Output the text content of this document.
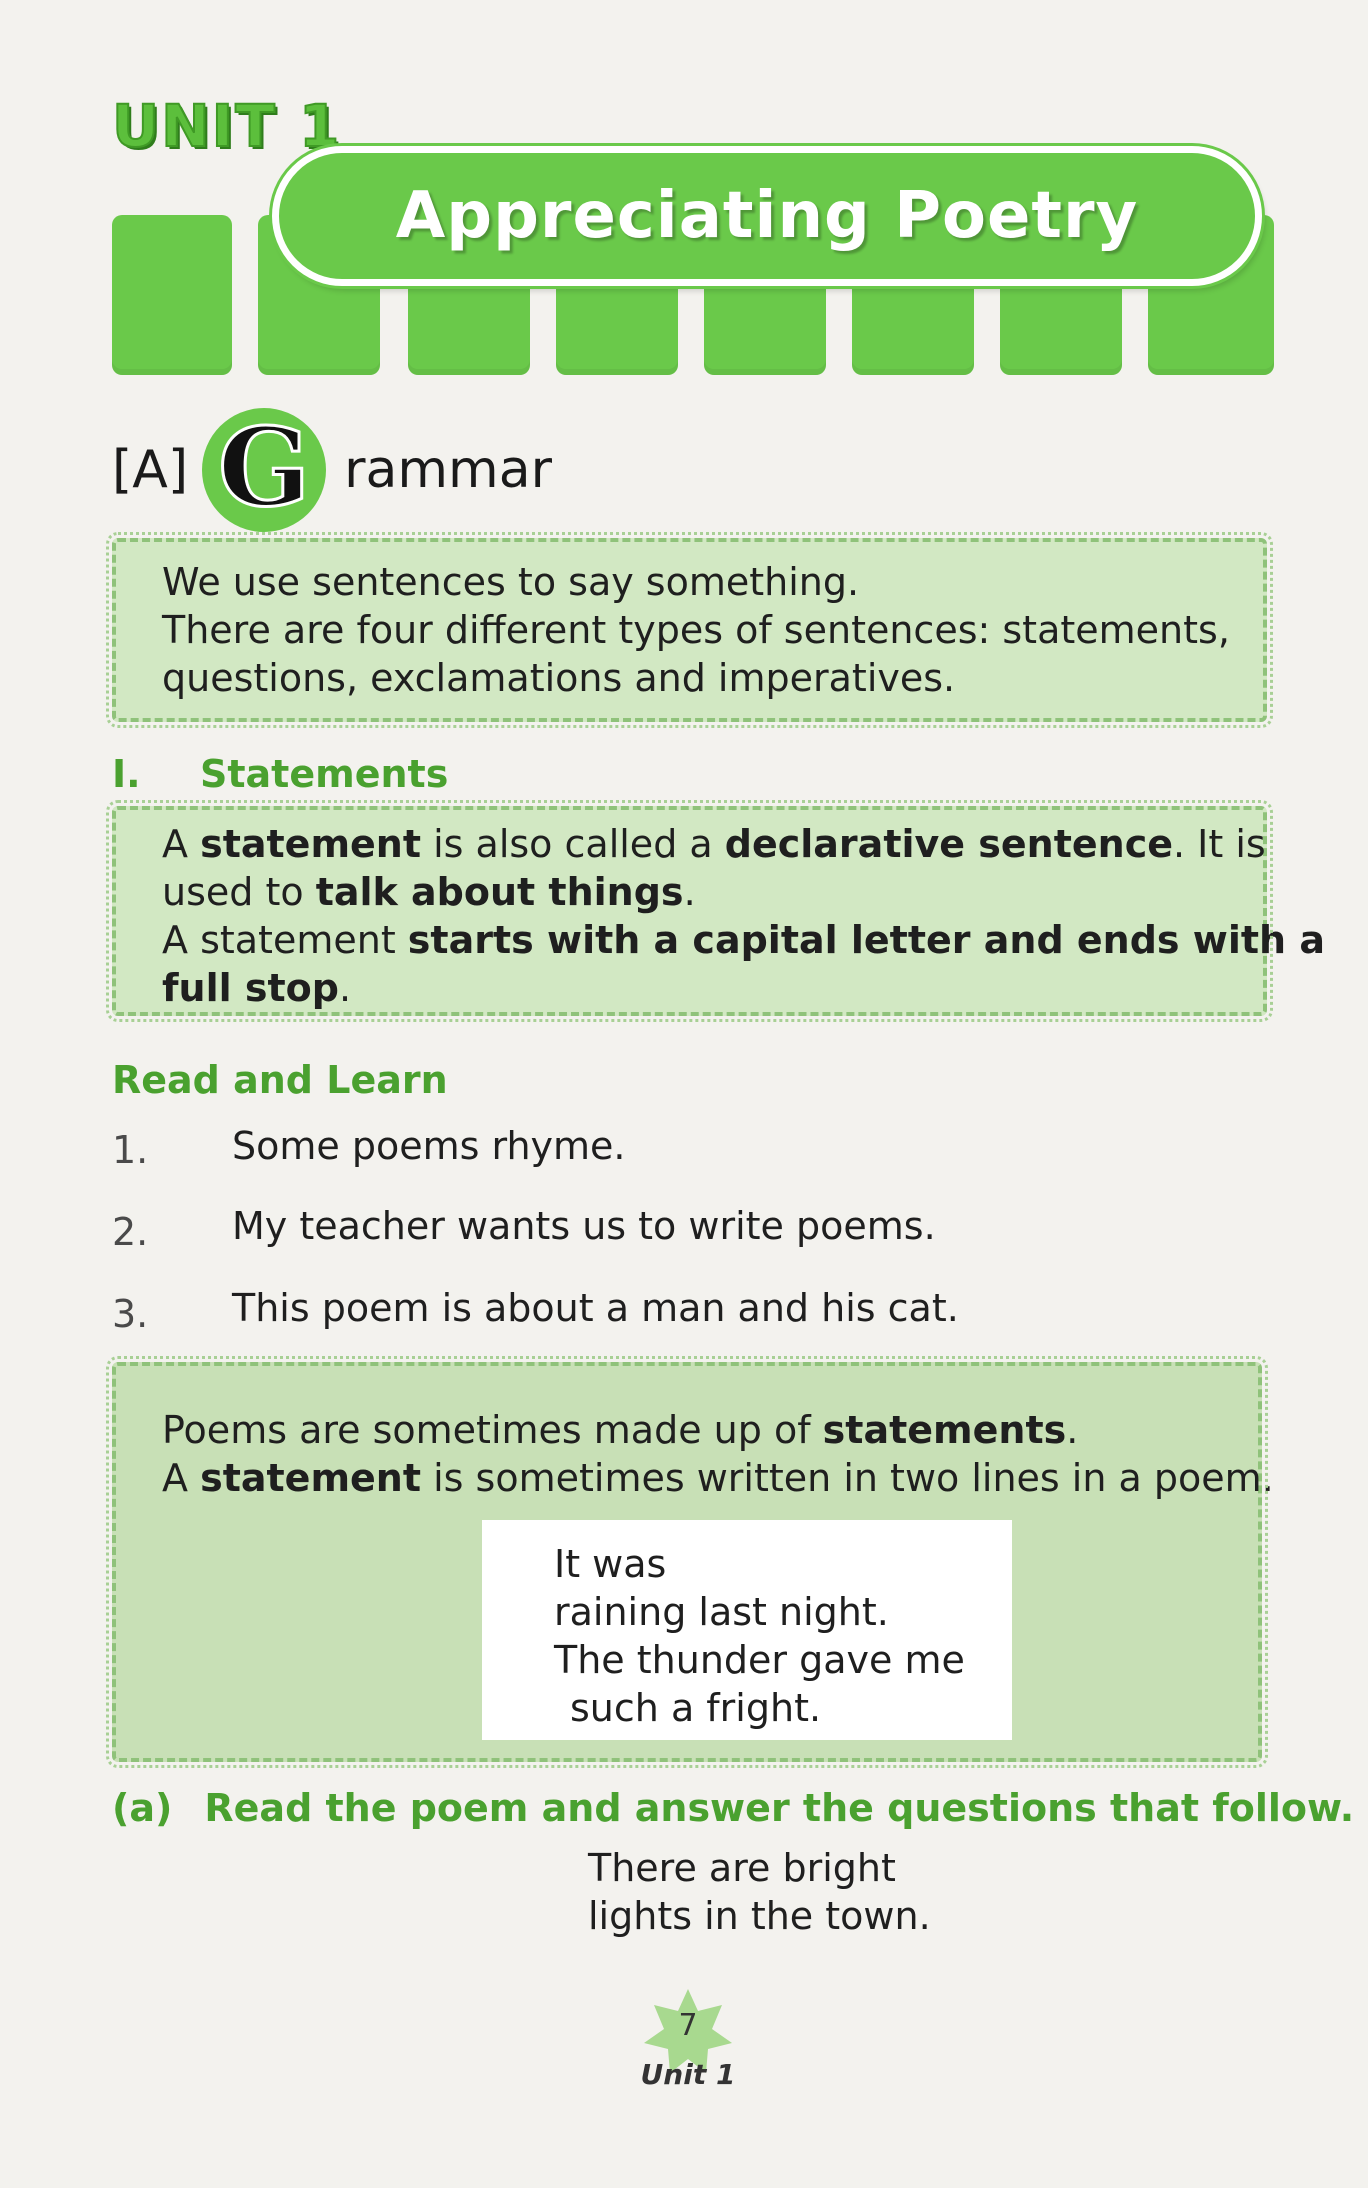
UNIT 1
Appreciating Poetry
[A] G rammar

We use sentences to say something.

There are four different types of sentences: statements,

questions, exclamations and imperatives.

I. Statements

A statement is also called a declarative sentence. It is

used to talk about things.

A statement starts with a capital letter and ends with a

full stop.

Read and Learn
1. Some poems rhyme.
2. My teacher wants us to write poems.
3. This poem is about a man and his cat.

Poems are sometimes made up of statements.

A statement is sometimes written in two lines in a poem.

It was

raining last night.

The thunder gave me

such a fright.

(a) Read the poem and answer the questions that follow.

There are bright

lights in the town.

7
Unit 1
